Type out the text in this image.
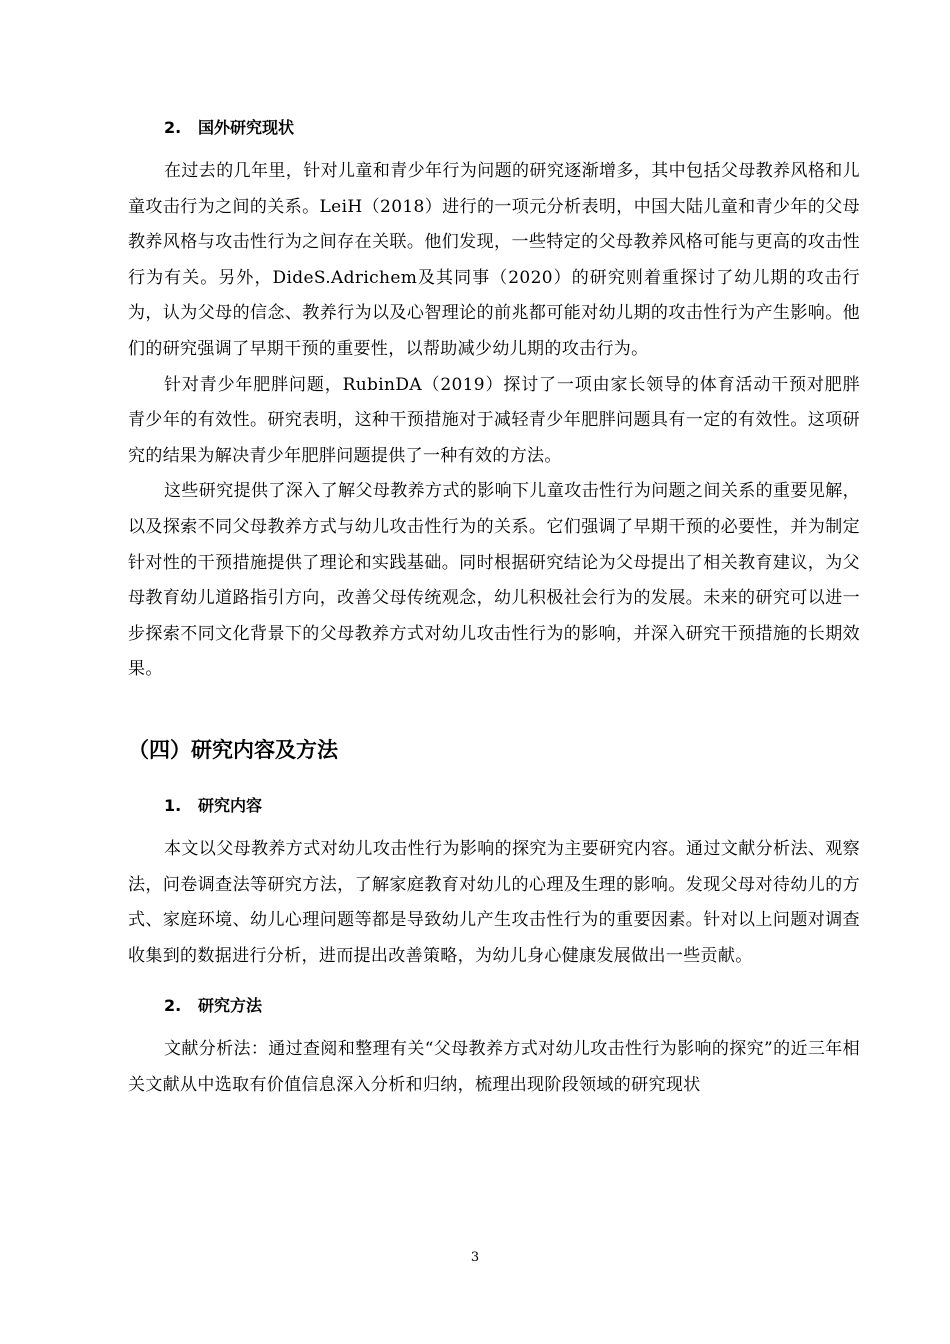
2. 国外研究现状

在过去的几年里，针对儿童和青少年行为问题的研究逐渐增多，其中包括父母教养风格和儿童攻击行为之间的关系。LeiH（2018）进行的一项元分析表明，中国大陆儿童和青少年的父母教养风格与攻击性行为之间存在关联。他们发现，一些特定的父母教养风格可能与更高的攻击性行为有关。另外，DideS.Adrichem及其同事（2020）的研究则着重探讨了幼儿期的攻击行为，认为父母的信念、教养行为以及心智理论的前兆都可能对幼儿期的攻击性行为产生影响。他们的研究强调了早期干预的重要性，以帮助减少幼儿期的攻击行为。

针对青少年肥胖问题，RubinDA（2019）探讨了一项由家长领导的体育活动干预对肥胖青少年的有效性。研究表明，这种干预措施对于减轻青少年肥胖问题具有一定的有效性。这项研究的结果为解决青少年肥胖问题提供了一种有效的方法。

这些研究提供了深入了解父母教养方式的影响下儿童攻击性行为问题之间关系的重要见解，以及探索不同父母教养方式与幼儿攻击性行为的关系。它们强调了早期干预的必要性，并为制定针对性的干预措施提供了理论和实践基础。同时根据研究结论为父母提出了相关教育建议，为父母教育幼儿道路指引方向，改善父母传统观念，幼儿积极社会行为的发展。未来的研究可以进一步探索不同文化背景下的父母教养方式对幼儿攻击性行为的影响，并深入研究干预措施的长期效果。

（四）研究内容及方法
1. 研究内容

本文以父母教养方式对幼儿攻击性行为影响的探究为主要研究内容。通过文献分析法、观察法，问卷调查法等研究方法，了解家庭教育对幼儿的心理及生理的影响。发现父母对待幼儿的方式、家庭环境、幼儿心理问题等都是导致幼儿产生攻击性行为的重要因素。针对以上问题对调查收集到的数据进行分析，进而提出改善策略，为幼儿身心健康发展做出一些贡献。

2. 研究方法

文献分析法：通过查阅和整理有关“父母教养方式对幼儿攻击性行为影响的探究”的近三年相关文献从中选取有价值信息深入分析和归纳，梳理出现阶段领域的研究现状

3
